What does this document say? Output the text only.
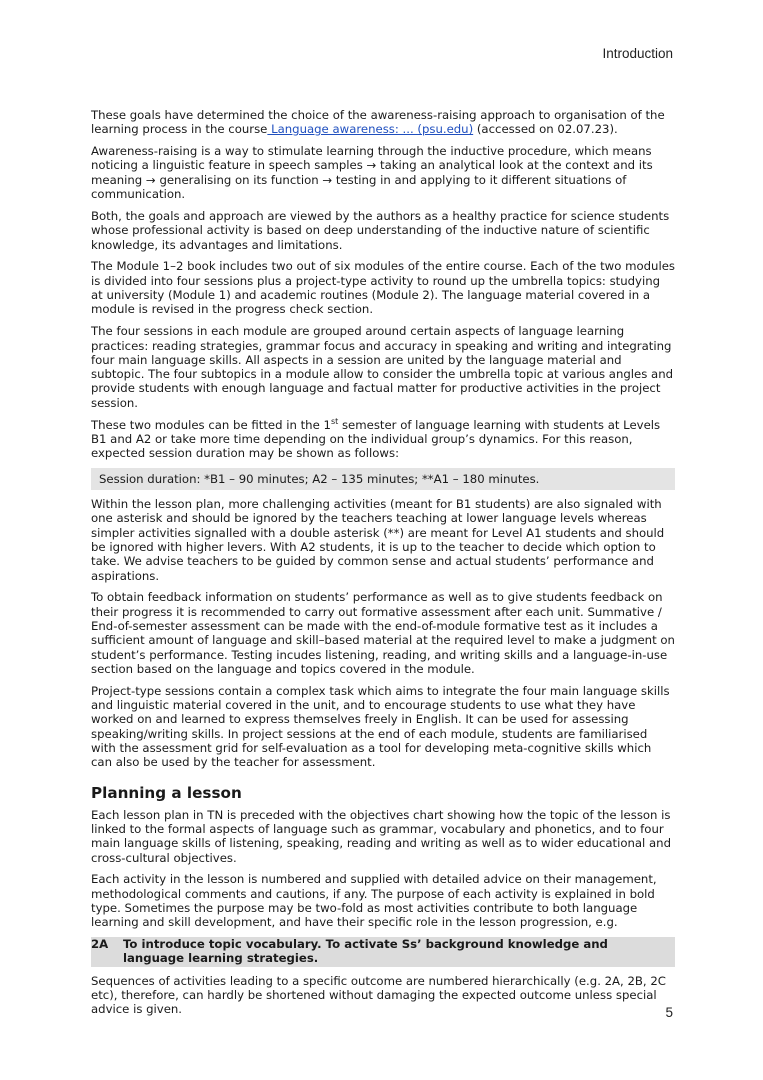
Introduction

These goals have determined the choice of the awareness-raising approach to organisation of the learning process in the course Language awareness: ... (psu.edu) (accessed on 02.07.23).

Awareness-raising is a way to stimulate learning through the inductive procedure, which means noticing a linguistic feature in speech samples → taking an analytical look at the context and its meaning → generalising on its function → testing in and applying to it different situations of communication.

Both, the goals and approach are viewed by the authors as a healthy practice for science students whose professional activity is based on deep understanding of the inductive nature of scientific knowledge, its advantages and limitations.

The Module 1–2 book includes two out of six modules of the entire course. Each of the two modules is divided into four sessions plus a project-type activity to round up the umbrella topics: studying at university (Module 1) and academic routines (Module 2). The language material covered in a module is revised in the progress check section.

The four sessions in each module are grouped around certain aspects of language learning practices: reading strategies, grammar focus and accuracy in speaking and writing and integrating four main language skills. All aspects in a session are united by the language material and subtopic. The four subtopics in a module allow to consider the umbrella topic at various angles and provide students with enough language and factual matter for productive activities in the project session.

These two modules can be fitted in the 1st semester of language learning with students at Levels B1 and A2 or take more time depending on the individual group’s dynamics. For this reason, expected session duration may be shown as follows:

Session duration: *B1 – 90 minutes; A2 – 135 minutes; **A1 – 180 minutes.

Within the lesson plan, more challenging activities (meant for B1 students) are also signaled with one asterisk and should be ignored by the teachers teaching at lower language levels whereas simpler activities signalled with a double asterisk (**) are meant for Level A1 students and should be ignored with higher levers. With A2 students, it is up to the teacher to decide which option to take. We advise teachers to be guided by common sense and actual students’ performance and aspirations.

To obtain feedback information on students’ performance as well as to give students feedback on their progress it is recommended to carry out formative assessment after each unit. Summative / End-of-semester assessment can be made with the end-of-module formative test as it includes a sufficient amount of language and skill–based material at the required level to make a judgment on student’s performance. Testing incudes listening, reading, and writing skills and a language-in-use section based on the language and topics covered in the module.

Project-type sessions contain a complex task which aims to integrate the four main language skills and linguistic material covered in the unit, and to encourage students to use what they have worked on and learned to express themselves freely in English. It can be used for assessing speaking/writing skills. In project sessions at the end of each module, students are familiarised with the assessment grid for self-evaluation as a tool for developing meta-cognitive skills which can also be used by the teacher for assessment.

Planning a lesson

Each lesson plan in TN is preceded with the objectives chart showing how the topic of the lesson is linked to the formal aspects of language such as grammar, vocabulary and phonetics, and to four main language skills of listening, speaking, reading and writing as well as to wider educational and cross-cultural objectives.

Each activity in the lesson is numbered and supplied with detailed advice on their management, methodological comments and cautions, if any. The purpose of each activity is explained in bold type. Sometimes the purpose may be two-fold as most activities contribute to both language learning and skill development, and have their specific role in the lesson progression, e.g.

2A	To introduce topic vocabulary. To activate Ss’ background knowledge and language learning strategies.

Sequences of activities leading to a specific outcome are numbered hierarchically (e.g. 2A, 2B, 2C etc), therefore, can hardly be shortened without damaging the expected outcome unless special advice is given.	5
